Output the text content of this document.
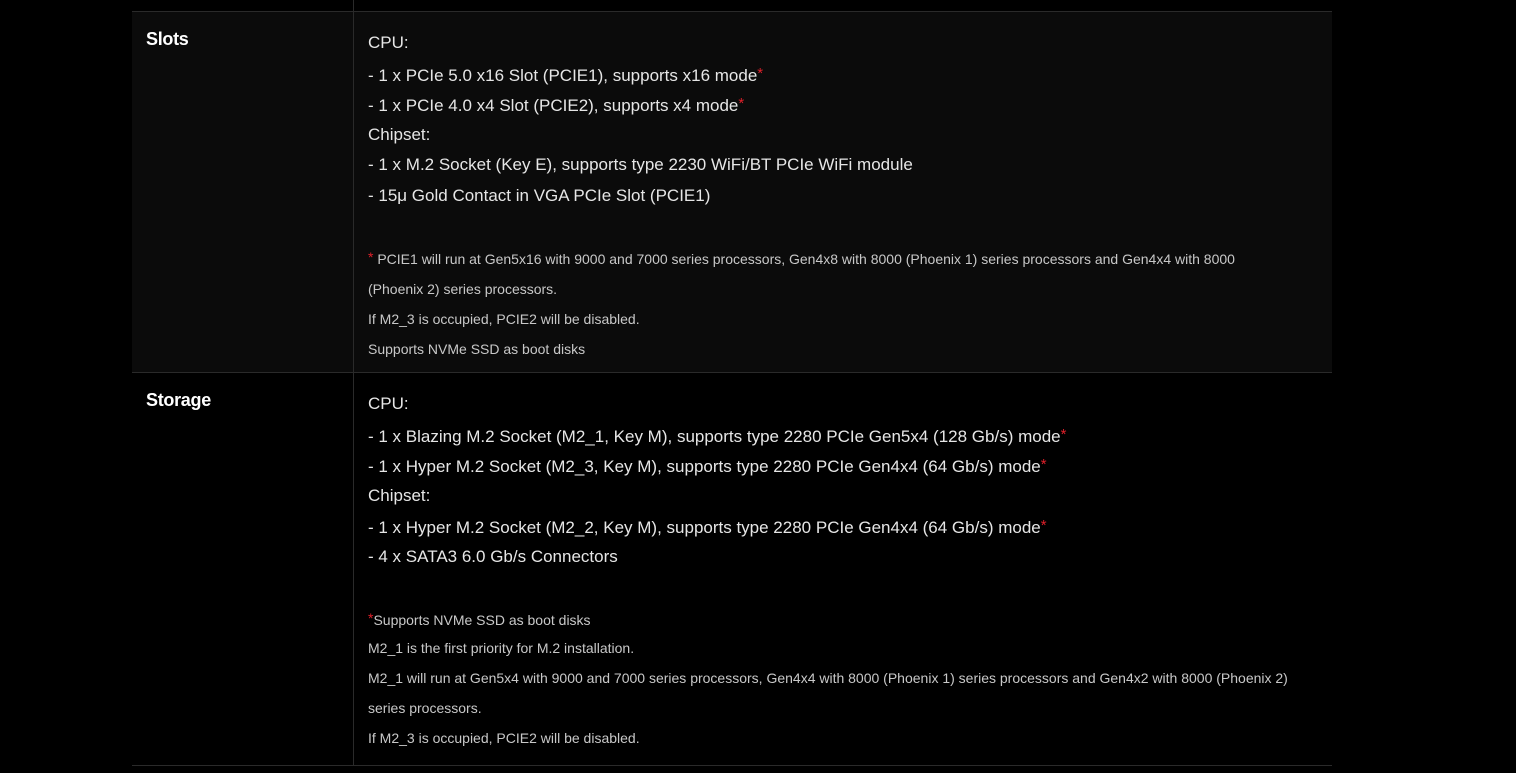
Slots	CPU:
- 1 x PCIe 5.0 x16 Slot (PCIE1), supports x16 mode*
- 1 x PCIe 4.0 x4 Slot (PCIE2), supports x4 mode*
Chipset:
- 1 x M.2 Socket (Key E), supports type 2230 WiFi/BT PCIe WiFi module
- 15μ Gold Contact in VGA PCIe Slot (PCIE1)
* PCIE1 will run at Gen5x16 with 9000 and 7000 series processors, Gen4x8 with 8000 (Phoenix 1) series processors and Gen4x4 with 8000 (Phoenix 2) series processors.
If M2_3 is occupied, PCIE2 will be disabled.
Supports NVMe SSD as boot disks
Storage	CPU:
- 1 x Blazing M.2 Socket (M2_1, Key M), supports type 2280 PCIe Gen5x4 (128 Gb/s) mode*
- 1 x Hyper M.2 Socket (M2_3, Key M), supports type 2280 PCIe Gen4x4 (64 Gb/s) mode*
Chipset:
- 1 x Hyper M.2 Socket (M2_2, Key M), supports type 2280 PCIe Gen4x4 (64 Gb/s) mode*
- 4 x SATA3 6.0 Gb/s Connectors
*Supports NVMe SSD as boot disks
M2_1 is the first priority for M.2 installation.
M2_1 will run at Gen5x4 with 9000 and 7000 series processors, Gen4x4 with 8000 (Phoenix 1) series processors and Gen4x2 with 8000 (Phoenix 2) series processors.
If M2_3 is occupied, PCIE2 will be disabled.
